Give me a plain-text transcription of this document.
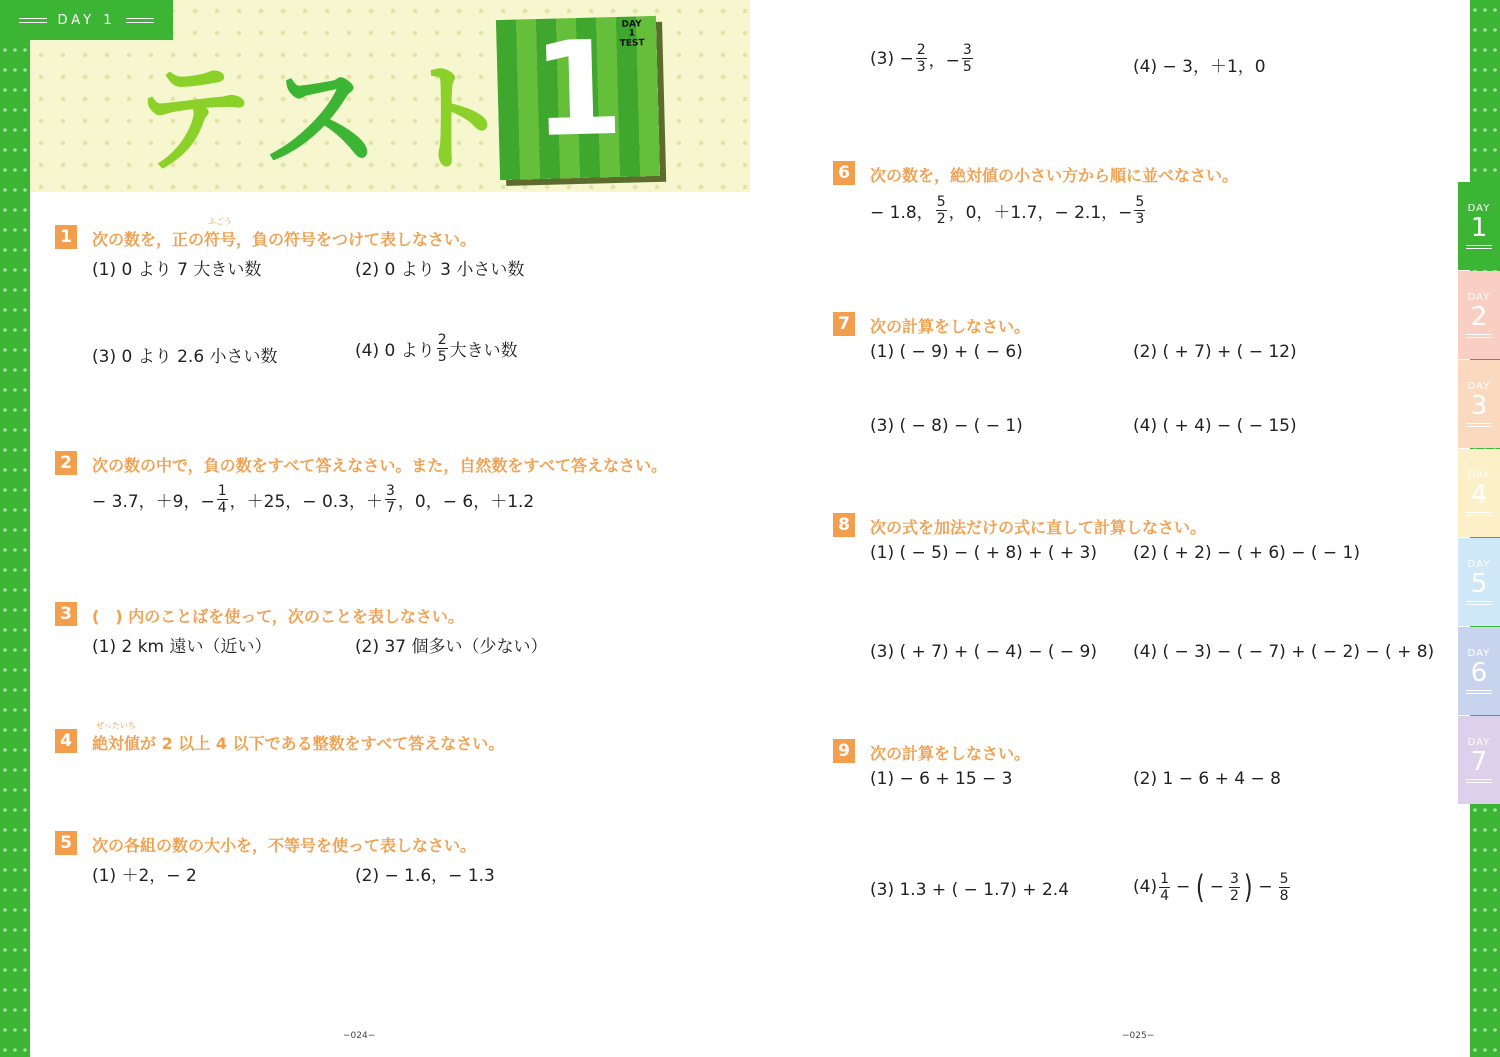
1
DAY
1
TEST
テスト
DAY 1
1	次の数を，正の
ふごう
符号，負の符号をつけて表しなさい。
(1) 0 より 7 大きい数	(2) 0 より 3 小さい数
(3) 0 より 2.6 小さい数	(4) 0 より $\frac{2}{5}$ 大きい数
2	次の数の中で，負の数をすべて答えなさい。また，自然数をすべて答えなさい。
− 3.7，＋9，− $\frac{1}{4}$ ，＋25，− 0.3，＋ $\frac{3}{7}$ ，0，− 6，＋1.2
3	(　) 内のことばを使って，次のことを表しなさい。
(1) 2 km 遠い（近い）	(2) 37 個多い（少ない）
4
ぜったいち
絶対値が 2 以上 4 以下である整数をすべて答えなさい。
5	次の各組の数の大小を，不等号を使って表しなさい。
(1) ＋2，− 2	(2) − 1.6，− 1.3
$(3) - \frac{2}{3}$ ，− $\frac{3}{5}$	(4) − 3，＋1，0
6	次の数を，絶対値の小さい方から順に並べなさい。
− 1.8， $\frac{5}{2}$ ，0，＋1.7，− 2.1，− $\frac{5}{3}$
7	次の計算をしなさい。
(1) ( − 9) + ( − 6)	(2) ( + 7) + ( − 12)
(3) ( − 8) − ( − 1)	(4) ( + 4) − ( − 15)
8	次の式を加法だけの式に直して計算しなさい。
(1) ( − 5) − ( + 8) + ( + 3) (2) ( + 2) − ( + 6) − ( − 1)
(3) ( + 7) + ( − 4) − ( − 9) (4) ( − 3) − ( − 7) + ( − 2) − ( + 8)
9	次の計算をしなさい。
(1) − 6 + 15 − 3	(2) 1 − 6 + 4 − 8
(3) 1.3 + ( − 1.7) + 2.4	$(4) \frac{1}{4}$ − ( − $\frac{3}{2}$ ) − $\frac{5}{8}$
−024−	−025−
DAY
1
DAY
2
DAY
3
DAY
4
DAY
5
DAY
6
DAY
7
